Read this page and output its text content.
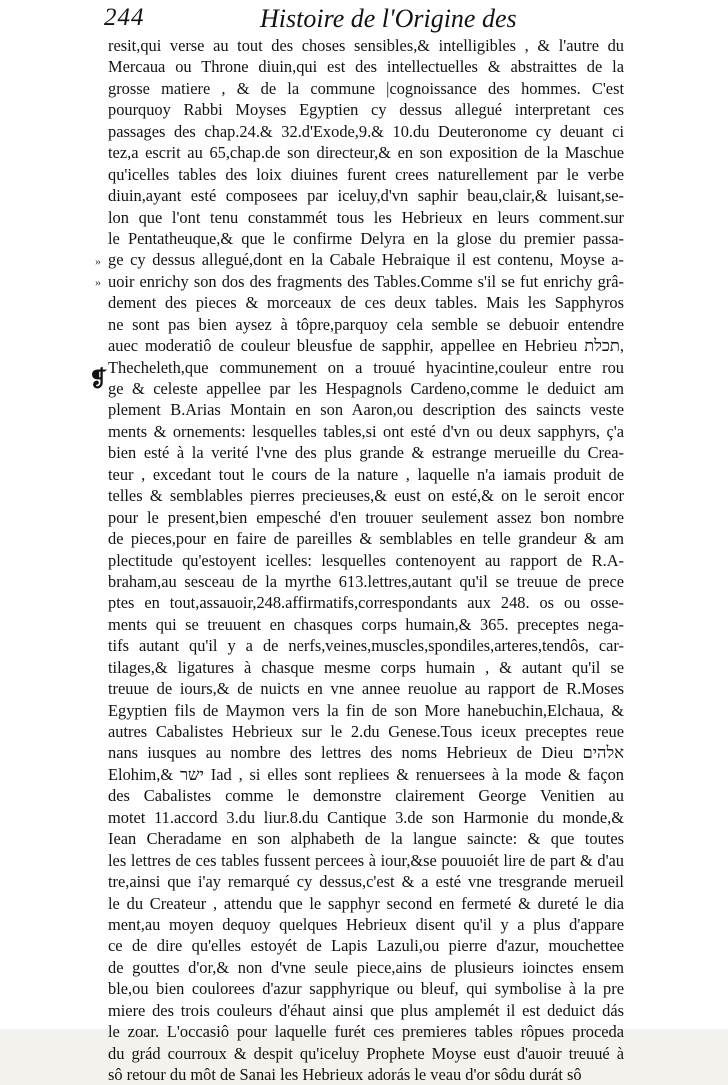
244	Histoire de l'Origine des
»
»
❡
resit,qui verse au tout des choses sensibles,& intelligibles , & l'autre du
Mercaua ou Throne diuin,qui est des intellectuelles & abstraittes de la
grosse matiere , & de la commune |cognoissance des hommes. C'est
pourquoy Rabbi Moyses Egyptien cy dessus allegué interpretant ces
passages des chap.24.& 32.d'Exode,9.& 10.du Deuteronome cy deuant ci
tez,a escrit au 65,chap.de son directeur,& en son exposition de la Maschue
qu'icelles tables des loix diuines furent crees naturellement par le verbe
diuin,ayant esté composees par iceluy,d'vn saphir beau,clair,& luisant,se-
lon que l'ont tenu constammét tous les Hebrieux en leurs comment.sur
le Pentatheuque,& que le confirme Delyra en la glose du premier passa-
ge cy dessus allegué,dont en la Cabale Hebraique il est contenu, Moyse a-
uoir enrichy son dos des fragments des Tables.Comme s'il se fut enrichy grâ-
dement des pieces & morceaux de ces deux tables. Mais les Sapphyros
ne sont pas bien aysez à tôpre,parquoy cela semble se debuoir entendre
auec moderatiô de couleur bleusfue de sapphir, appellee en Hebrieu תכלת,
Thecheleth,que communement on a trouué hyacintine,couleur entre rou
ge & celeste appellee par les Hespagnols Cardeno,comme le deduict am
plement B.Arias Montain en son Aaron,ou description des saincts veste
ments & ornements: lesquelles tables,si ont esté d'vn ou deux sapphyrs, ç'a
bien esté à la verité l'vne des plus grande & estrange merueille du Crea-
teur , excedant tout le cours de la nature , laquelle n'a iamais produit de
telles & semblables pierres precieuses,& eust on esté,& on le seroit encor
pour le present,bien empesché d'en trouuer seulement assez bon nombre
de pieces,pour en faire de pareilles & semblables en telle grandeur & am
plectitude qu'estoyent icelles: lesquelles contenoyent au rapport de R.A-
braham,au sesceau de la myrthe 613.lettres,autant qu'il se treuue de prece
ptes en tout,assauoir,248.affirmatifs,correspondants aux 248. os ou osse-
ments qui se treuuent en chasques corps humain,& 365. preceptes nega-
tifs autant qu'il y a de nerfs,veines,muscles,spondiles,arteres,tendôs, car-
tilages,& ligatures à chasque mesme corps humain , & autant qu'il se
treuue de iours,& de nuicts en vne annee reuolue au rapport de R.Moses
Egyptien fils de Maymon vers la fin de son More hanebuchin,Elchaua, &
autres Cabalistes Hebrieux sur le 2.du Genese.Tous iceux preceptes reue
nans iusques au nombre des lettres des noms Hebrieux de Dieu אלהים
Elohim,& ישר Iad , si elles sont repliees & renuersees à la mode & façon
des Cabalistes comme le demonstre clairement George Venitien au
motet 11.accord 3.du liur.8.du Cantique 3.de son Harmonie du monde,&
Iean Cheradame en son alphabeth de la langue saincte: & que toutes
les lettres de ces tables fussent percees à iour,&se pouuoiét lire de part & d'au
tre,ainsi que i'ay remarqué cy dessus,c'est & a esté vne tresgrande merueil
le du Createur , attendu que le sapphyr second en fermeté & dureté le dia
ment,au moyen dequoy quelques Hebrieux disent qu'il y a plus d'appare
ce de dire qu'elles estoyét de Lapis Lazuli,ou pierre d'azur, mouchettee
de gouttes d'or,& non d'vne seule piece,ains de plusieurs ioinctes ensem
ble,ou bien coulorees d'azur sapphyrique ou bleuf, qui symbolise à la pre
miere des trois couleurs d'éhaut ainsi que plus amplemét il est deduict dás
le zoar. L'occasiô pour laquelle furét ces premieres tables rôpues proceda
du grád courroux & despit qu'iceluy Prophete Moyse eust d'auoir treuué à
sô retour du môt de Sanai les Hebrieux adorás le veau d'or sôdu durát sô
